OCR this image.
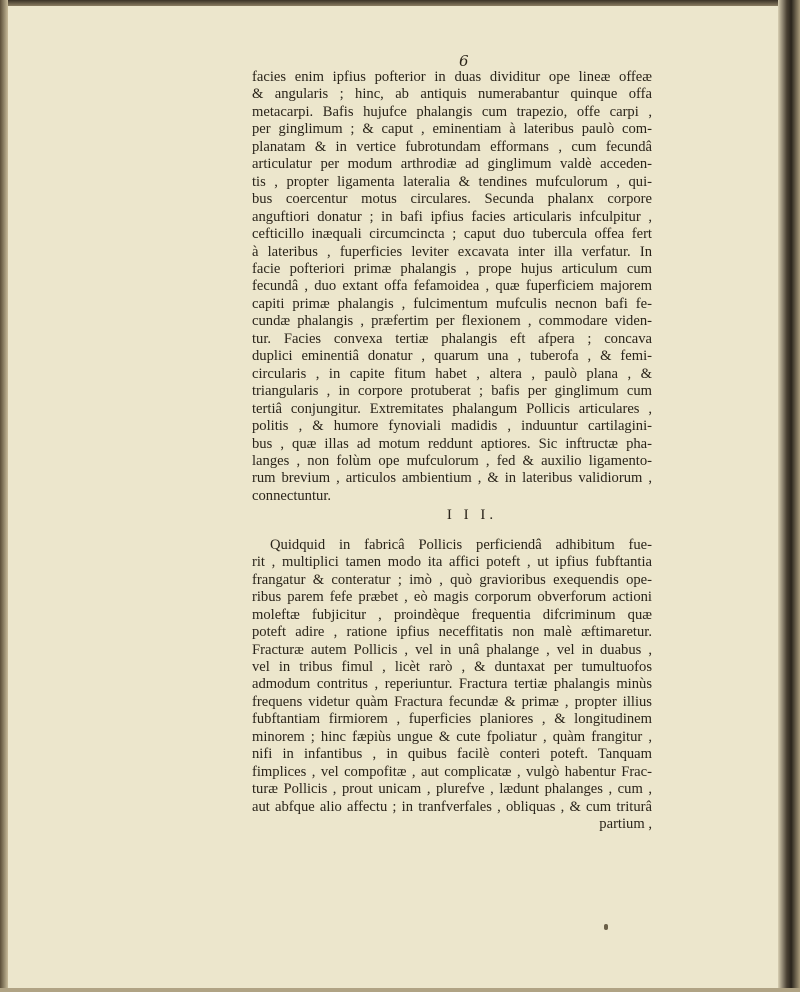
6
facies enim ipfius pofterior in duas dividitur ope lineæ offeæ
& angularis ; hinc, ab antiquis numerabantur quinque offa
metacarpi. Bafis hujufce phalangis cum trapezio, offe carpi ,
per ginglimum ; & caput , eminentiam à lateribus paulò com-
planatam & in vertice fubrotundam efformans , cum fecundâ
articulatur per modum arthrodiæ ad ginglimum valdè acceden-
tis , propter ligamenta lateralia & tendines mufculorum , qui-
bus coercentur motus circulares. Secunda phalanx corpore
anguftiori donatur ; in bafi ipfius facies articularis infculpitur ,
cefticillo inæquali circumcincta ; caput duo tubercula offea fert
à lateribus , fuperficies leviter excavata inter illa verfatur. In
facie pofteriori primæ phalangis , prope hujus articulum cum
fecundâ , duo extant offa fefamoidea , quæ fuperficiem majorem
capiti primæ phalangis , fulcimentum mufculis necnon bafi fe-
cundæ phalangis , præfertim per flexionem , commodare viden-
tur. Facies convexa tertiæ phalangis eft afpera ; concava
duplici eminentiâ donatur , quarum una , tuberofa , & femi-
circularis , in capite fitum habet , altera , paulò plana , &
triangularis , in corpore protuberat ; bafis per ginglimum cum
tertiâ conjungitur. Extremitates phalangum Pollicis articulares ,
politis , & humore fynoviali madidis , induuntur cartilagini-
bus , quæ illas ad motum reddunt aptiores. Sic inftructæ pha-
langes , non folùm ope mufculorum , fed & auxilio ligamento-
rum brevium , articulos ambientium , & in lateribus validiorum ,
connectuntur.
I I I.
Quidquid in fabricâ Pollicis perficiendâ adhibitum fue-
rit , multiplici tamen modo ita affici poteft , ut ipfius fubftantia
frangatur & conteratur ; imò , quò gravioribus exequendis ope-
ribus parem fefe præbet , eò magis corporum obverforum actioni
moleftæ fubjicitur , proindèque frequentia difcriminum quæ
poteft adire , ratione ipfius neceffitatis non malè æftimaretur.
Fracturæ autem Pollicis , vel in unâ phalange , vel in duabus ,
vel in tribus fimul , licèt rarò , & duntaxat per tumultuofos
admodum contritus , reperiuntur. Fractura tertiæ phalangis minùs
frequens videtur quàm Fractura fecundæ & primæ , propter illius
fubftantiam firmiorem , fuperficies planiores , & longitudinem
minorem ; hinc fæpiùs ungue & cute fpoliatur , quàm frangitur ,
nifi in infantibus , in quibus facilè conteri poteft. Tanquam
fimplices , vel compofitæ , aut complicatæ , vulgò habentur Frac-
turæ Pollicis , prout unicam , plurefve , lædunt phalanges , cum ,
aut abfque alio affectu ; in tranfverfales , obliquas , & cum triturâ
partium ,
